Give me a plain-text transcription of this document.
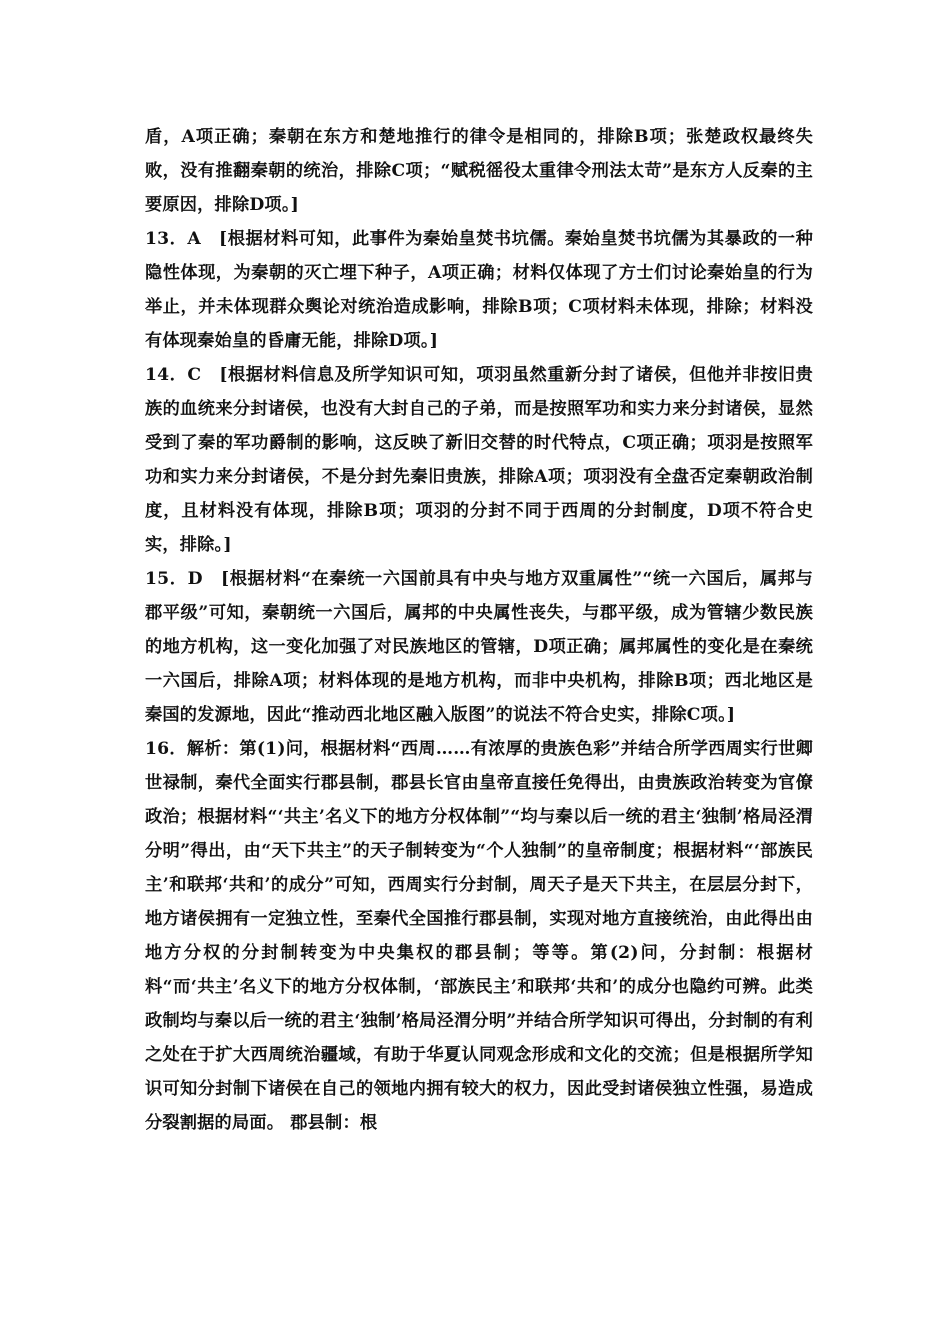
盾，A项正确；秦朝在东方和楚地推行的律令是相同的，排除B项；张楚政权最终失败，没有推翻秦朝的统治，排除C项；“赋税徭役太重律令刑法太苛”是东方人反秦的主要原因，排除D项。]

13．A　[根据材料可知，此事件为秦始皇焚书坑儒。秦始皇焚书坑儒为其暴政的一种隐性体现，为秦朝的灭亡埋下种子，A项正确；材料仅体现了方士们讨论秦始皇的行为举止，并未体现群众舆论对统治造成影响，排除B项；C项材料未体现，排除；材料没有体现秦始皇的昏庸无能，排除D项。]

14．C　[根据材料信息及所学知识可知，项羽虽然重新分封了诸侯，但他并非按旧贵族的血统来分封诸侯，也没有大封自己的子弟，而是按照军功和实力来分封诸侯，显然受到了秦的军功爵制的影响，这反映了新旧交替的时代特点，C项正确；项羽是按照军功和实力来分封诸侯，不是分封先秦旧贵族，排除A项；项羽没有全盘否定秦朝政治制度，且材料没有体现，排除B项；项羽的分封不同于西周的分封制度，D项不符合史实，排除。]

15．D　[根据材料“在秦统一六国前具有中央与地方双重属性”“统一六国后，属邦与郡平级”可知，秦朝统一六国后，属邦的中央属性丧失，与郡平级，成为管辖少数民族的地方机构，这一变化加强了对民族地区的管辖，D项正确；属邦属性的变化是在秦统一六国后，排除A项；材料体现的是地方机构，而非中央机构，排除B项；西北地区是秦国的发源地，因此“推动西北地区融入版图”的说法不符合史实，排除C项。]

16．解析：第(1)问，根据材料“西周……有浓厚的贵族色彩”并结合所学西周实行世卿世禄制，秦代全面实行郡县制，郡县长官由皇帝直接任免得出，由贵族政治转变为官僚政治；根据材料“‘共主’名义下的地方分权体制”“均与秦以后一统的君主‘独制’格局泾渭分明”得出，由“天下共主”的天子制转变为“个人独制”的皇帝制度；根据材料“‘部族民主’和联邦‘共和’的成分”可知，西周实行分封制，周天子是天下共主，在层层分封下，地方诸侯拥有一定独立性，至秦代全国推行郡县制，实现对地方直接统治，由此得出由地方分权的分封制转变为中央集权的郡县制；等等。第(2)问，分封制：根据材料“而‘共主’名义下的地方分权体制，‘部族民主’和联邦‘共和’的成分也隐约可辨。此类政制均与秦以后一统的君主‘独制’格局泾渭分明”并结合所学知识可得出，分封制的有利之处在于扩大西周统治疆域，有助于华夏认同观念形成和文化的交流；但是根据所学知识可知分封制下诸侯在自己的领地内拥有较大的权力，因此受封诸侯独立性强，易造成分裂割据的局面。 郡县制：根
